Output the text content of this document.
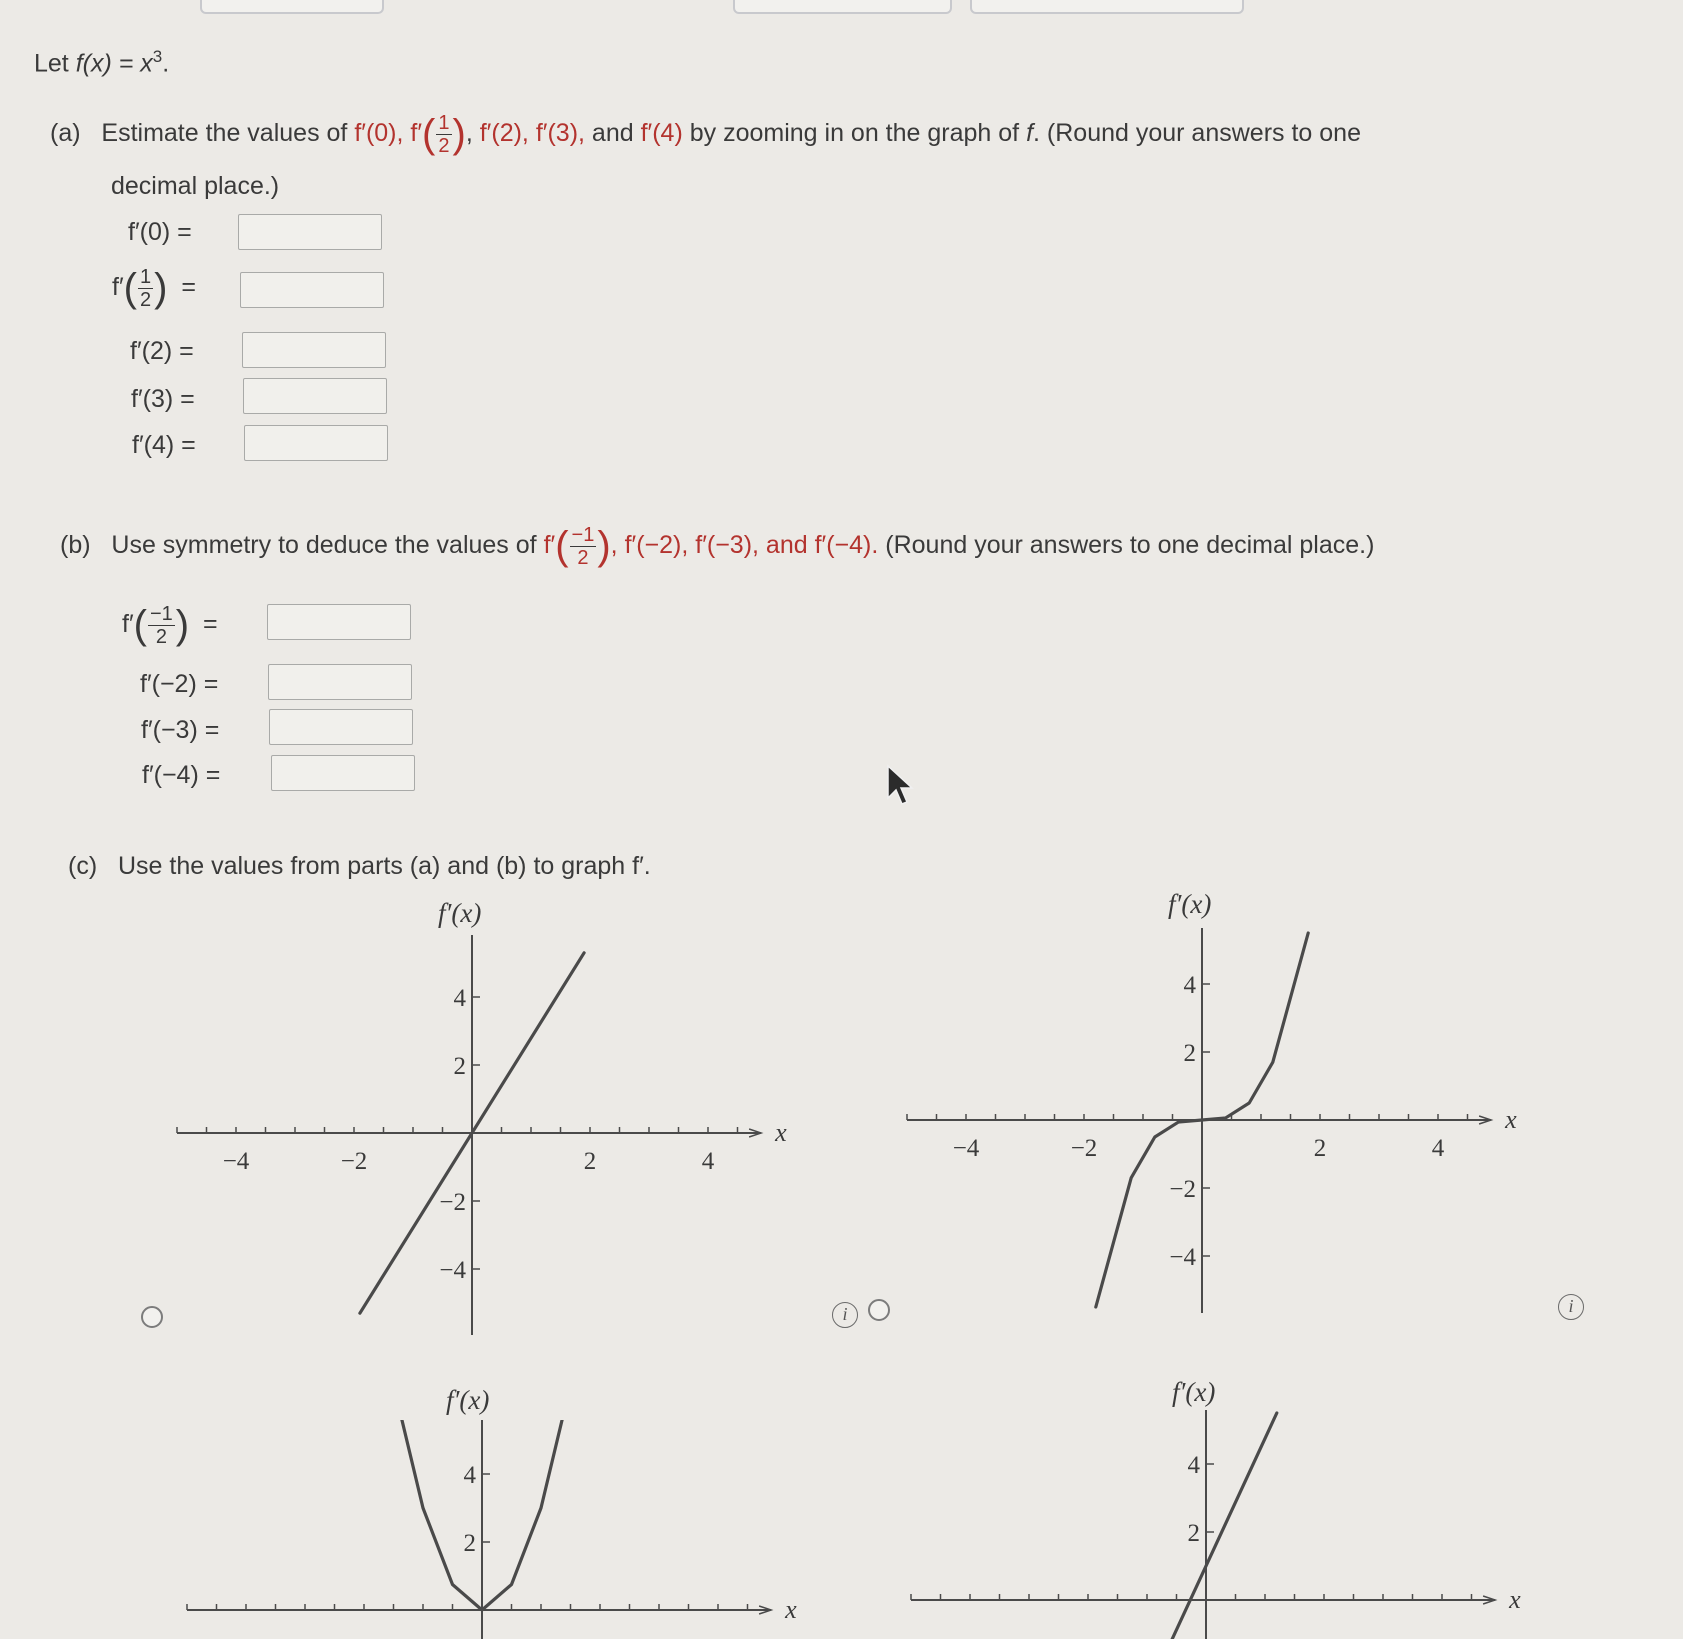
Let $f(x) = x^3$.
(a) Estimate the values of f′(0), $f'( \frac{1}{2}$ ), f′(2), f′(3), and f′(4) by zooming in on the graph of f. (Round your answers to one
decimal place.)
f′(0) =
$f'( \frac{1}{2}$ ) =
f′(2) =
f′(3) =
f′(4) =
(b) Use symmetry to deduce the values of $f'( \frac{-1}{2}$ ), f′(−2), f′(−3), and f′(−4). (Round your answers to one decimal place.)
$f'( \frac{-1}{2}$ ) =
f′(−2) =
f′(−3) =
f′(−4) =
(c) Use the values from parts (a) and (b) to graph f′.
f′(x)
x
−4	−2	2	4
4
2
−2
−4
i
f′(x)
x
−4	−2	2	4
4
2
−2
−4
i
f′(x)
x
4
2
f′(x)
x
4
2
